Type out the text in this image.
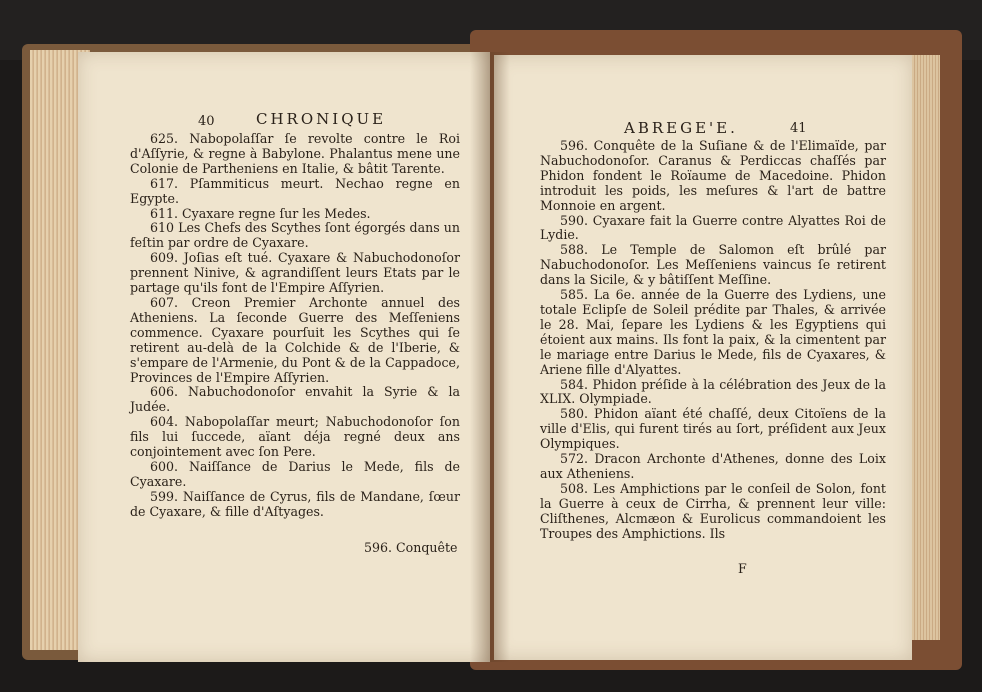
40	CHRONIQUE

625. Nabopolaſſar ſe revolte contre le Roi d'Aſſyrie, & regne à Babylone. Phalantus mene une Colonie de Partheniens en Italie, & bâtit Tarente.

617. Pſammiticus meurt. Nechao regne en Egypte.

611. Cyaxare regne ſur les Medes.

610 Les Chefs des Scythes ſont égorgés dans un feſtin par ordre de Cyaxare.

609. Joſias eſt tué. Cyaxare & Nabuchodonoſor prennent Ninive, & agrandiſſent leurs Etats par le partage qu'ils font de l'Empire Aſſyrien.

607. Creon Premier Archonte annuel des Atheniens. La ſeconde Guerre des Meſſeniens commence. Cyaxare pourſuit les Scythes qui ſe retirent au-delà de la Colchide & de l'Iberie, & s'empare de l'Armenie, du Pont & de la Cappadoce, Provinces de l'Empire Aſſyrien.

606. Nabuchodonoſor envahit la Syrie & la Judée.

604. Nabopolaſſar meurt; Nabuchodonoſor ſon fils lui ſuccede, aïant déja regné deux ans conjointement avec ſon Pere.

600. Naiſſance de Darius le Mede, fils de Cyaxare.

599. Naiſſance de Cyrus, fils de Mandane, ſœur de Cyaxare, & fille d'Aſtyages.

596. Conquête
ABREGE'E.	41

596. Conquête de la Suſiane & de l'Elimaïde, par Nabuchodonoſor. Caranus & Perdiccas chaſſés par Phidon fondent le Roïaume de Macedoine. Phidon introduit les poids, les meſures & l'art de battre Monnoie en argent.

590. Cyaxare fait la Guerre contre Alyattes Roi de Lydie.

588. Le Temple de Salomon eſt brûlé par Nabuchodonoſor. Les Meſſeniens vaincus ſe retirent dans la Sicile, & y bâtiſſent Meſſine.

585. La 6e. année de la Guerre des Lydiens, une totale Eclipſe de Soleil prédite par Thales, & arrivée le 28. Mai, ſepare les Lydiens & les Egyptiens qui étoient aux mains. Ils font la paix, & la cimentent par le mariage entre Darius le Mede, fils de Cyaxares, & Ariene fille d'Alyattes.

584. Phidon préſide à la célébration des Jeux de la XLIX. Olympiade.

580. Phidon aïant été chaſſé, deux Citoïens de la ville d'Elis, qui furent tirés au ſort, préſident aux Jeux Olympiques.

572. Dracon Archonte d'Athenes, donne des Loix aux Atheniens.

508. Les Amphictions par le conſeil de Solon, font la Guerre à ceux de Cirrha, & prennent leur ville: Cliſthenes, Alcmæon & Eurolicus commandoient les Troupes des Amphictions. Ils

F
